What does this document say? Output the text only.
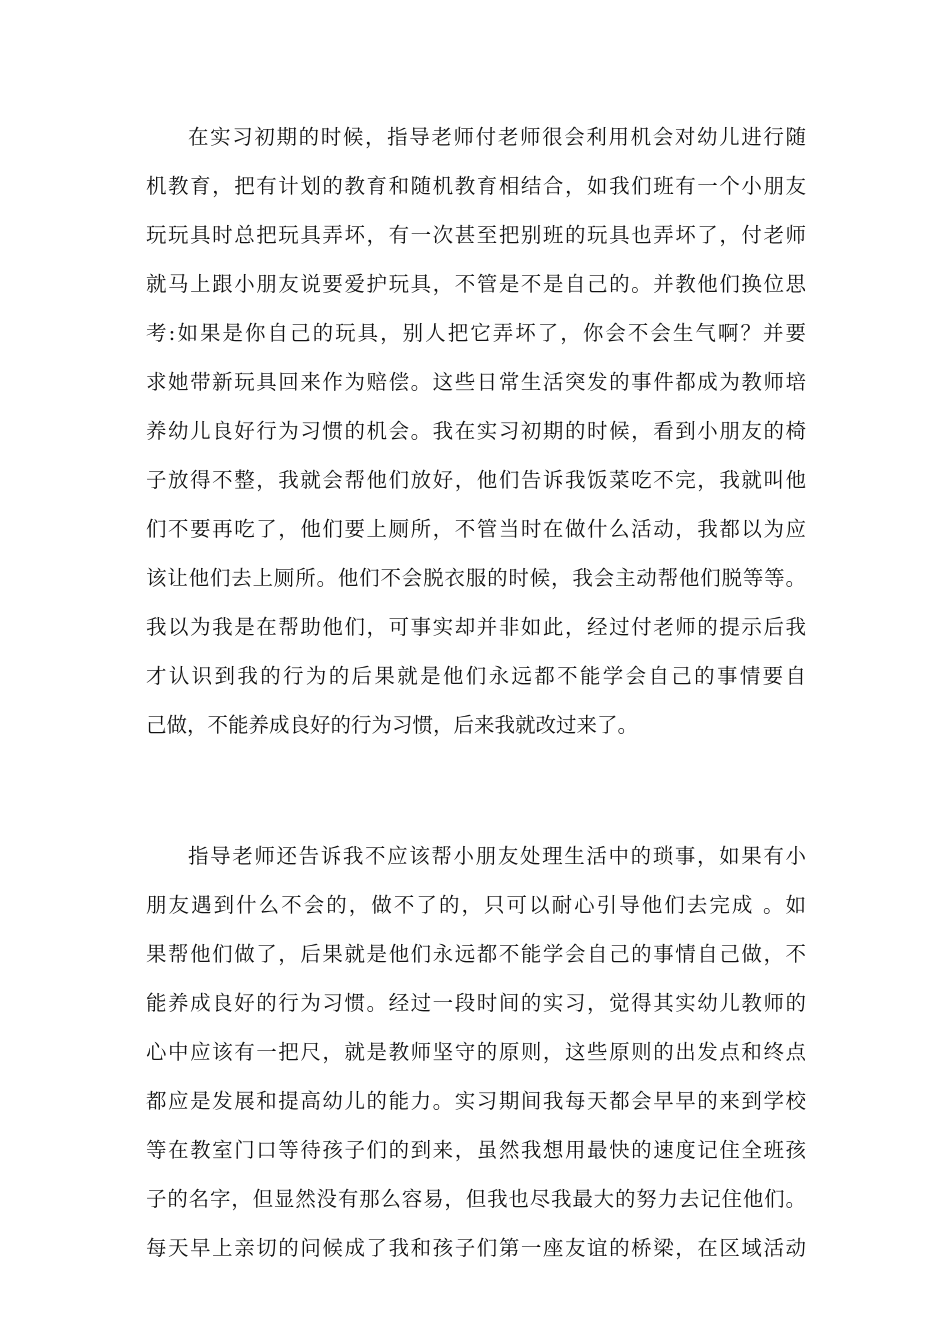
在实习初期的时候，指导老师付老师很会利用机会对幼儿进行随
机教育，把有计划的教育和随机教育相结合，如我们班有一个小朋友
玩玩具时总把玩具弄坏，有一次甚至把别班的玩具也弄坏了，付老师
就马上跟小朋友说要爱护玩具，不管是不是自己的。并教他们换位思
考:如果是你自己的玩具，别人把它弄坏了，你会不会生气啊？并要
求她带新玩具回来作为赔偿。这些日常生活突发的事件都成为教师培
养幼儿良好行为习惯的机会。我在实习初期的时候，看到小朋友的椅
子放得不整，我就会帮他们放好，他们告诉我饭菜吃不完，我就叫他
们不要再吃了，他们要上厕所，不管当时在做什么活动，我都以为应
该让他们去上厕所。他们不会脱衣服的时候，我会主动帮他们脱等等。
我以为我是在帮助他们，可事实却并非如此，经过付老师的提示后我
才认识到我的行为的后果就是他们永远都不能学会自己的事情要自
己做，不能养成良好的行为习惯，后来我就改过来了。
指导老师还告诉我不应该帮小朋友处理生活中的琐事，如果有小
朋友遇到什么不会的，做不了的，只可以耐心引导他们去完成 。如
果帮他们做了，后果就是他们永远都不能学会自己的事情自己做，不
能养成良好的行为习惯。经过一段时间的实习，觉得其实幼儿教师的
心中应该有一把尺，就是教师坚守的原则，这些原则的出发点和终点
都应是发展和提高幼儿的能力。实习期间我每天都会早早的来到学校
等在教室门口等待孩子们的到来，虽然我想用最快的速度记住全班孩
子的名字，但显然没有那么容易，但我也尽我最大的努力去记住他们。
每天早上亲切的问候成了我和孩子们第一座友谊的桥梁，在区域活动
